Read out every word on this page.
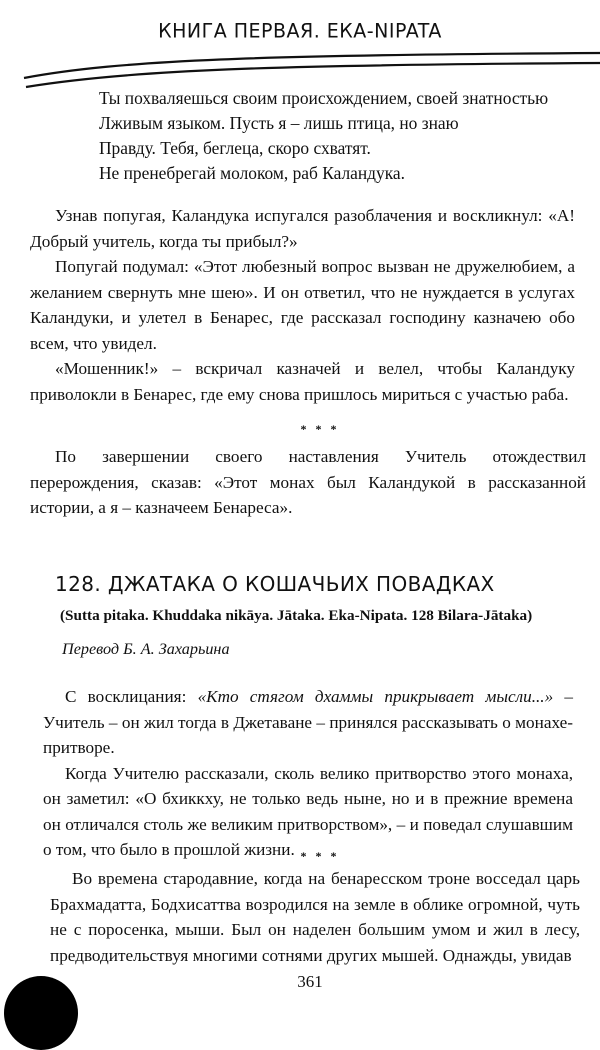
КНИГА ПЕРВАЯ. ЕКА-NIPATA
Ты похваляешься своим происхождением, своей знатностью
Лживым языком. Пусть я – лишь птица, но знаю
Правду. Тебя, беглеца, скоро схватят.
Не пренебрегай молоком, раб Каландука.

Узнав попугая, Каландука испугался разоблачения и воскликнул: «А! Добрый учитель, когда ты прибыл?»

Попугай подумал: «Этот любезный вопрос вызван не дружелюбием, а желанием свернуть мне шею». И он ответил, что не нуждается в услугах Каландуки, и улетел в Бенарес, где рассказал господину казначею обо всем, что увидел.

«Мошенник!» – вскричал казначей и велел, чтобы Каландуку приволокли в Бенарес, где ему снова пришлось мириться с участью раба.

* * *

По завершении своего наставления Учитель отождествил перерождения, сказав: «Этот монах был Каландукой в рассказанной истории, а я – казначеем Бенареса».

128. ДЖАТАКА О КОШАЧЬИХ ПОВАДКАХ
(Sutta pitaka. Khuddaka nikāya. Jātaka. Eka-Nipata. 128 Bilara-Jātaka)
Перевод Б. А. Захарьина

С восклицания: «Кто стягом дхаммы прикрывает мысли...» – Учитель – он жил тогда в Джетаване – принялся рассказывать о монахе-притворе.

Когда Учителю рассказали, сколь велико притворство этого монаха, он заметил: «О бхиккху, не только ведь ныне, но и в прежние времена он отличался столь же великим притворством», – и поведал слушавшим о том, что было в прошлой жизни. * * *

Во времена стародавние, когда на бенаресском троне восседал царь Брахмадатта, Бодхисаттва возродился на земле в облике огромной, чуть не с поросенка, мыши. Был он наделен большим умом и жил в лесу, предводительствуя многими сотнями других мышей. Однажды, увидав

361
